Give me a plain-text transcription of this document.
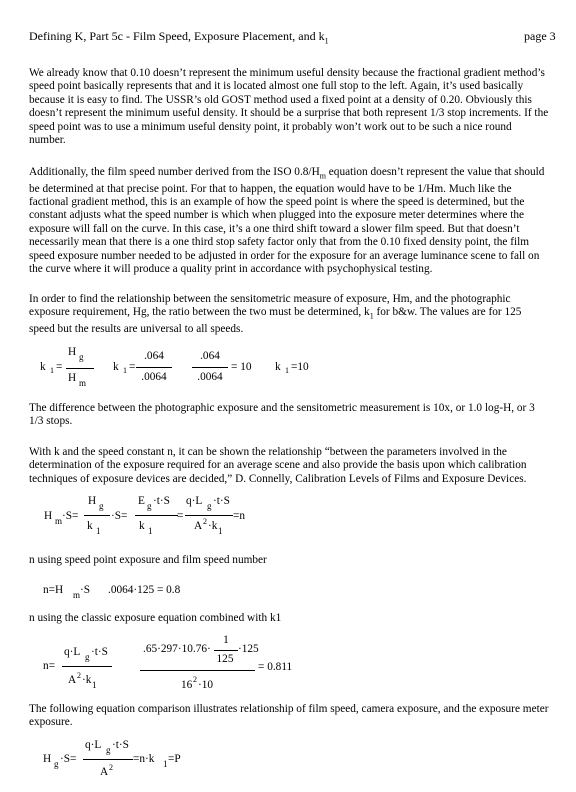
Defining K, Part 5c - Film Speed, Exposure Placement, and $k_1$	page 3

We already know that 0.10 doesn’t represent the minimum useful density because the fractional gradient method’s speed point basically represents that and it is located almost one full stop to the left. Again, it’s used basically because it is easy to find. The USSR’s old GOST method used a fixed point at a density of 0.20. Obviously this doesn’t represent the minimum useful density. It should be a surprise that both represent 1/3 stop increments. If the speed point was to use a minimum useful density point, it probably won’t work out to be such a nice round number.

Additionally, the film speed number derived from the ISO $0.8/H_m$ equation doesn’t represent the value that should be determined at that precise point. For that to happen, the equation would have to be 1/Hm. Much like the factional gradient method, this is an example of how the speed point is where the speed is determined, but the constant adjusts what the speed number is which when plugged into the exposure meter determines where the exposure will fall on the curve. In this case, it’s a one third shift toward a slower film speed. But that doesn’t necessarily mean that there is a one third stop safety factor only that from the 0.10 fixed density point, the film speed exposure number needed to be adjusted in order for the exposure for an average luminance scene to fall on the curve where it will produce a quality print in accordance with psychophysical testing.

In order to find the relationship between the sensitometric measure of exposure, Hm, and the photographic exposure requirement, Hg, the ratio between the two must be determined, $k_1$ for b&w. The values are for 125 speed but the results are universal to all speeds.

k 1 =
H g
H m
k 1 =
.064
.0064
.064
.0064
= 10 k 1 =10

The difference between the photographic exposure and the sensitometric measurement is 10x, or 1.0 log-H, or 3 1/3 stops.

With k and the speed constant n, it can be shown the relationship “between the parameters involved in the determination of the exposure required for an average scene and also provide the basis upon which calibration techniques of exposure devices are decided,” D. Connelly, Calibration Levels of Films and Exposure Devices.

H m ·S=
H g
k 1
·S=
E g ·t·S
k 1
=
q·L g ·t·S
A 2 ·k 1
=n

n using speed point exposure and film speed number

n=H m ·S .0064·125 = 0.8

n using the classic exposure equation combined with k1

n=
q·L g ·t·S
A 2 ·k 1
.65·297·10.76·
1
125
·125
16 2 ·10
= 0.811

The following equation comparison illustrates relationship of film speed, camera exposure, and the exposure meter exposure.

H g ·S=
q·L g ·t·S
A 2
=n·k 1 =P
